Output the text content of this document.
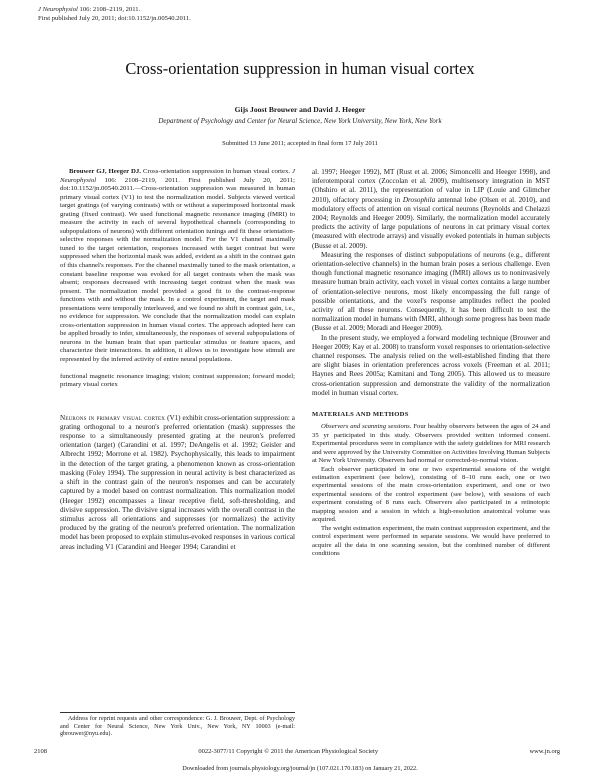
J Neurophysiol 106: 2108–2119, 2011.
First published July 20, 2011; doi:10.1152/jn.00540.2011.
Cross-orientation suppression in human visual cortex
Gijs Joost Brouwer and David J. Heeger
Department of Psychology and Center for Neural Science, New York University, New York, New York
Submitted 13 June 2011; accepted in final form 17 July 2011

Brouwer GJ, Heeger DJ. Cross-orientation suppression in human visual cortex. J Neurophysiol 106: 2108–2119, 2011. First published July 20, 2011; doi:10.1152/jn.00540.2011.—Cross-orientation suppression was measured in human primary visual cortex (V1) to test the normalization model. Subjects viewed vertical target gratings (of varying contrasts) with or without a superimposed horizontal mask grating (fixed contrast). We used functional magnetic resonance imaging (fMRI) to measure the activity in each of several hypothetical channels (corresponding to subpopulations of neurons) with different orientation tunings and fit these orientation-selective responses with the normalization model. For the V1 channel maximally tuned to the target orientation, responses increased with target contrast but were suppressed when the horizontal mask was added, evident as a shift in the contrast gain of this channel's responses. For the channel maximally tuned to the mask orientation, a constant baseline response was evoked for all target contrasts when the mask was absent; responses decreased with increasing target contrast when the mask was present. The normalization model provided a good fit to the contrast-response functions with and without the mask. In a control experiment, the target and mask presentations were temporally interleaved, and we found no shift in contrast gain, i.e., no evidence for suppression. We conclude that the normalization model can explain cross-orientation suppression in human visual cortex. The approach adopted here can be applied broadly to infer, simultaneously, the responses of several subpopulations of neurons in the human brain that span particular stimulus or feature spaces, and characterize their interactions. In addition, it allows us to investigate how stimuli are represented by the inferred activity of entire neural populations.

functional magnetic resonance imaging; vision; contrast suppression; forward model; primary visual cortex

Neurons in primary visual cortex (V1) exhibit cross-orientation suppression: a grating orthogonal to a neuron's preferred orientation (mask) suppresses the response to a simultaneously presented grating at the neuron's preferred orientation (target) (Carandini et al. 1997; DeAngelis et al. 1992; Geisler and Albrecht 1992; Morrone et al. 1982). Psychophysically, this leads to impairment in the detection of the target grating, a phenomenon known as cross-orientation masking (Foley 1994). The suppression in neural activity is best characterized as a shift in the contrast gain of the neuron's responses and can be accurately captured by a model based on contrast normalization. This normalization model (Heeger 1992) encompasses a linear receptive field, soft-thresholding, and divisive suppression. The divisive signal increases with the overall contrast in the stimulus across all orientations and suppresses (or normalizes) the activity produced by the grating of the neuron's preferred orientation. The normalization model has been proposed to explain stimulus-evoked responses in various cortical areas including V1 (Carandini and Heeger 1994; Carandini et

al. 1997; Heeger 1992), MT (Rust et al. 2006; Simoncelli and Heeger 1998), and inferotemporal cortex (Zoccolan et al. 2009), multisensory integration in MST (Ohshiro et al. 2011), the representation of value in LIP (Louie and Glimcher 2010), olfactory processing in Drosophila antennal lobe (Olsen et al. 2010), and modulatory effects of attention on visual cortical neurons (Reynolds and Chelazzi 2004; Reynolds and Heeger 2009). Similarly, the normalization model accurately predicts the activity of large populations of neurons in cat primary visual cortex (measured with electrode arrays) and visually evoked potentials in human subjects (Busse et al. 2009).

Measuring the responses of distinct subpopulations of neurons (e.g., different orientation-selective channels) in the human brain poses a serious challenge. Even though functional magnetic resonance imaging (fMRI) allows us to noninvasively measure human brain activity, each voxel in visual cortex contains a large number of orientation-selective neurons, most likely encompassing the full range of possible orientations, and the voxel's response amplitudes reflect the pooled activity of all these neurons. Consequently, it has been difficult to test the normalization model in humans with fMRI, although some progress has been made (Busse et al. 2009; Moradi and Heeger 2009).

In the present study, we employed a forward modeling technique (Brouwer and Heeger 2009; Kay et al. 2008) to transform voxel responses to orientation-selective channel responses. The analysis relied on the well-established finding that there are slight biases in orientation preferences across voxels (Freeman et al. 2011; Haynes and Rees 2005a; Kamitani and Tong 2005). This allowed us to measure cross-orientation suppression and demonstrate the validity of the normalization model in human visual cortex.

MATERIALS AND METHODS

Observers and scanning sessions. Four healthy observers between the ages of 24 and 35 yr participated in this study. Observers provided written informed consent. Experimental procedures were in compliance with the safety guidelines for MRI research and were approved by the University Committee on Activities Involving Human Subjects at New York University. Observers had normal or corrected-to-normal vision.

Each observer participated in one or two experimental sessions of the weight estimation experiment (see below), consisting of 8–10 runs each, one or two experimental sessions of the main cross-orientation experiment, and one or two experimental sessions of the control experiment (see below), with sessions of each experiment consisting of 8 runs each. Observers also participated in a retinotopic mapping session and a session in which a high-resolution anatomical volume was acquired.

The weight estimation experiment, the main contrast suppression experiment, and the control experiment were performed in separate sessions. We would have preferred to acquire all the data in one scanning session, but the combined number of different conditions

Address for reprint requests and other correspondence: G. J. Brouwer, Dept. of Psychology and Center for Neural Science, New York Univ., New York, NY 10003 (e-mail: gbrouwer@nyu.edu).
2108	0022-3077/11 Copyright © 2011 the American Physiological Society	www.jn.org
Downloaded from journals.physiology.org/journal/jn (107.021.170.183) on January 21, 2022.
